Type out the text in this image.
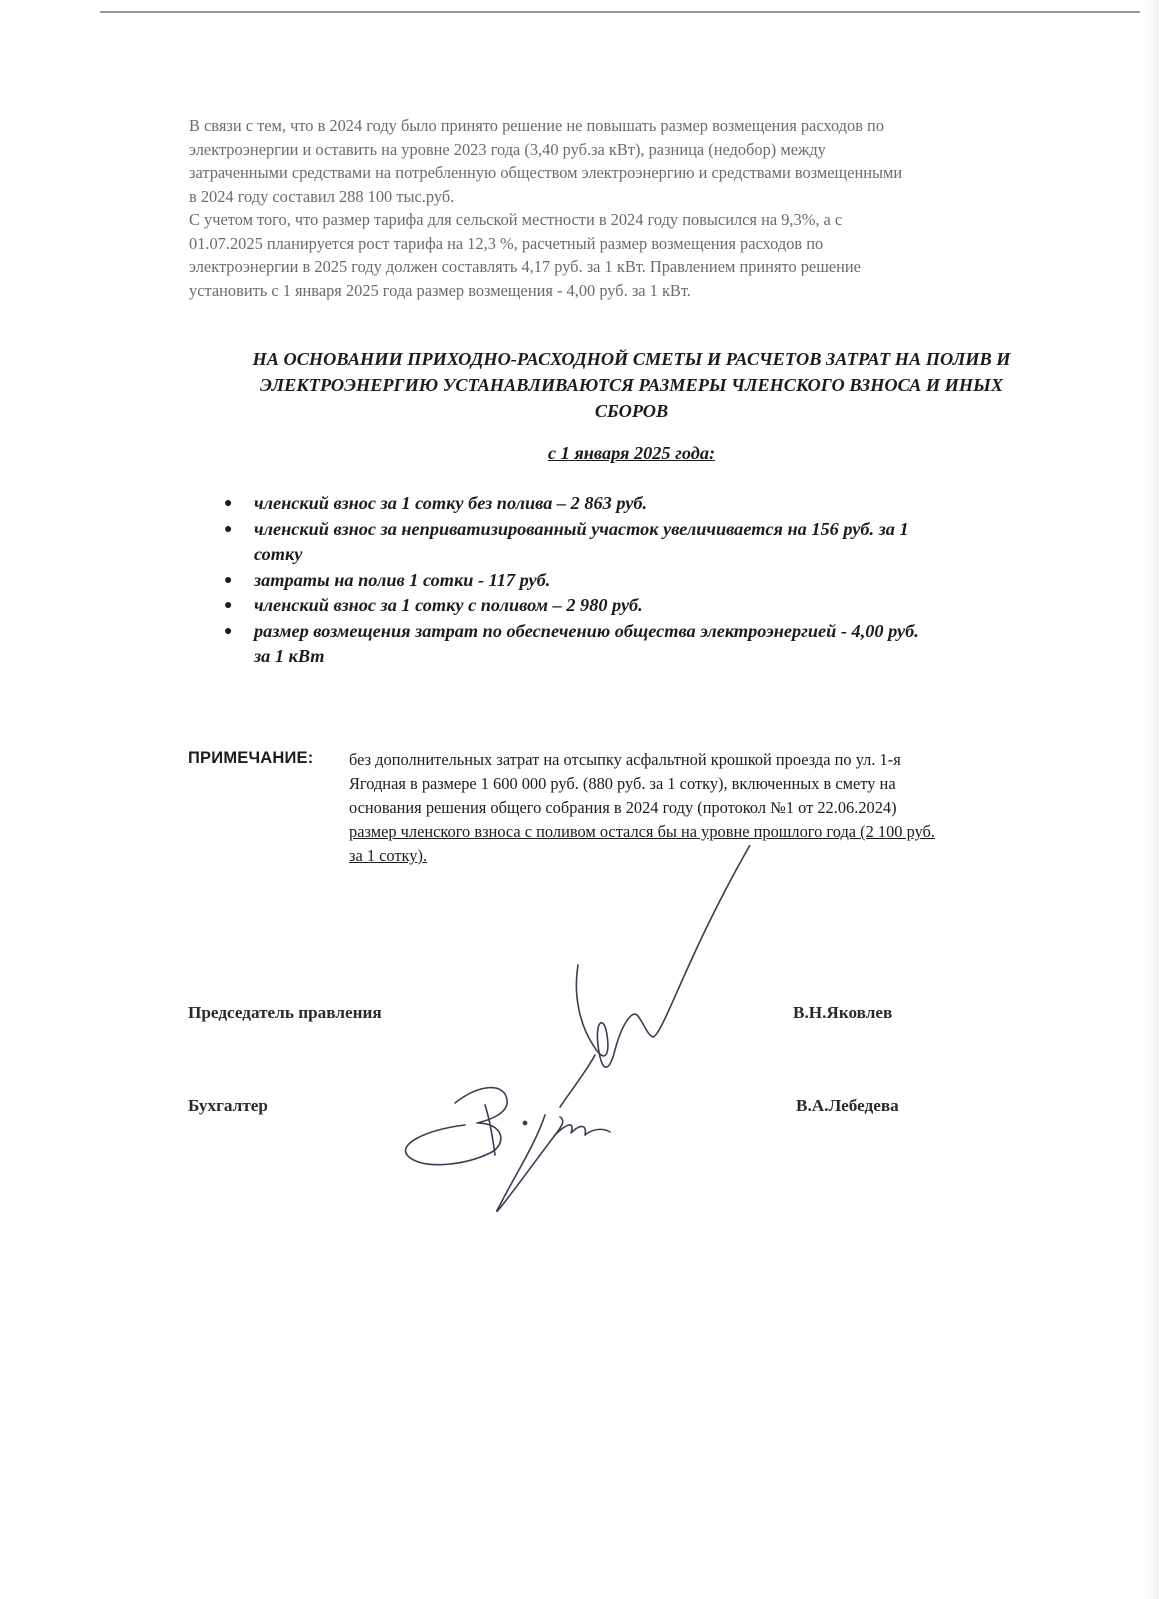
В связи с тем, что в 2024 году было принято решение не повышать размер возмещения расходов по
электроэнергии и оставить на уровне 2023 года (3,40 руб.за кВт), разница (недобор) между
затраченными средствами на потребленную обществом электроэнергию и средствами возмещенными
в 2024 году составил 288 100 тыс.руб.

С учетом того, что размер тарифа для сельской местности в 2024 году повысился на 9,3%, а с
01.07.2025 планируется рост тарифа на 12,3 %, расчетный размер возмещения расходов по
электроэнергии в 2025 году должен составлять 4,17 руб. за 1 кВт. Правлением принято решение
установить с 1 января 2025 года размер возмещения - 4,00 руб. за 1 кВт.

НА ОСНОВАНИИ ПРИХОДНО-РАСХОДНОЙ СМЕТЫ И РАСЧЕТОВ ЗАТРАТ НА ПОЛИВ И
ЭЛЕКТРОЭНЕРГИЮ УСТАНАВЛИВАЮТСЯ РАЗМЕРЫ ЧЛЕНСКОГО ВЗНОСА И ИНЫХ
СБОРОВ
с 1 января 2025 года:
● членский взнос за 1 сотку без полива – 2 863 руб.
● членский взнос за неприватизированный участок увеличивается на 156 руб. за 1
сотку
● затраты на полив 1 сотки - 117 руб.
● членский взнос за 1 сотку с поливом – 2 980 руб.
● размер возмещения затрат по обеспечению общества электроэнергией - 4,00 руб.
за 1 кВт
ПРИМЕЧАНИЕ: без дополнительных затрат на отсыпку асфальтной крошкой проезда по ул. 1-я
Ягодная в размере 1 600 000 руб. (880 руб. за 1 сотку), включенных в смету на
основания решения общего собрания в 2024 году (протокол №1 от 22.06.2024)
размер членского взноса с поливом остался бы на уровне прошлого года (2 100 руб.
за 1 сотку).
Председатель правления	В.Н.Яковлев
Бухгалтер	В.А.Лебедева
